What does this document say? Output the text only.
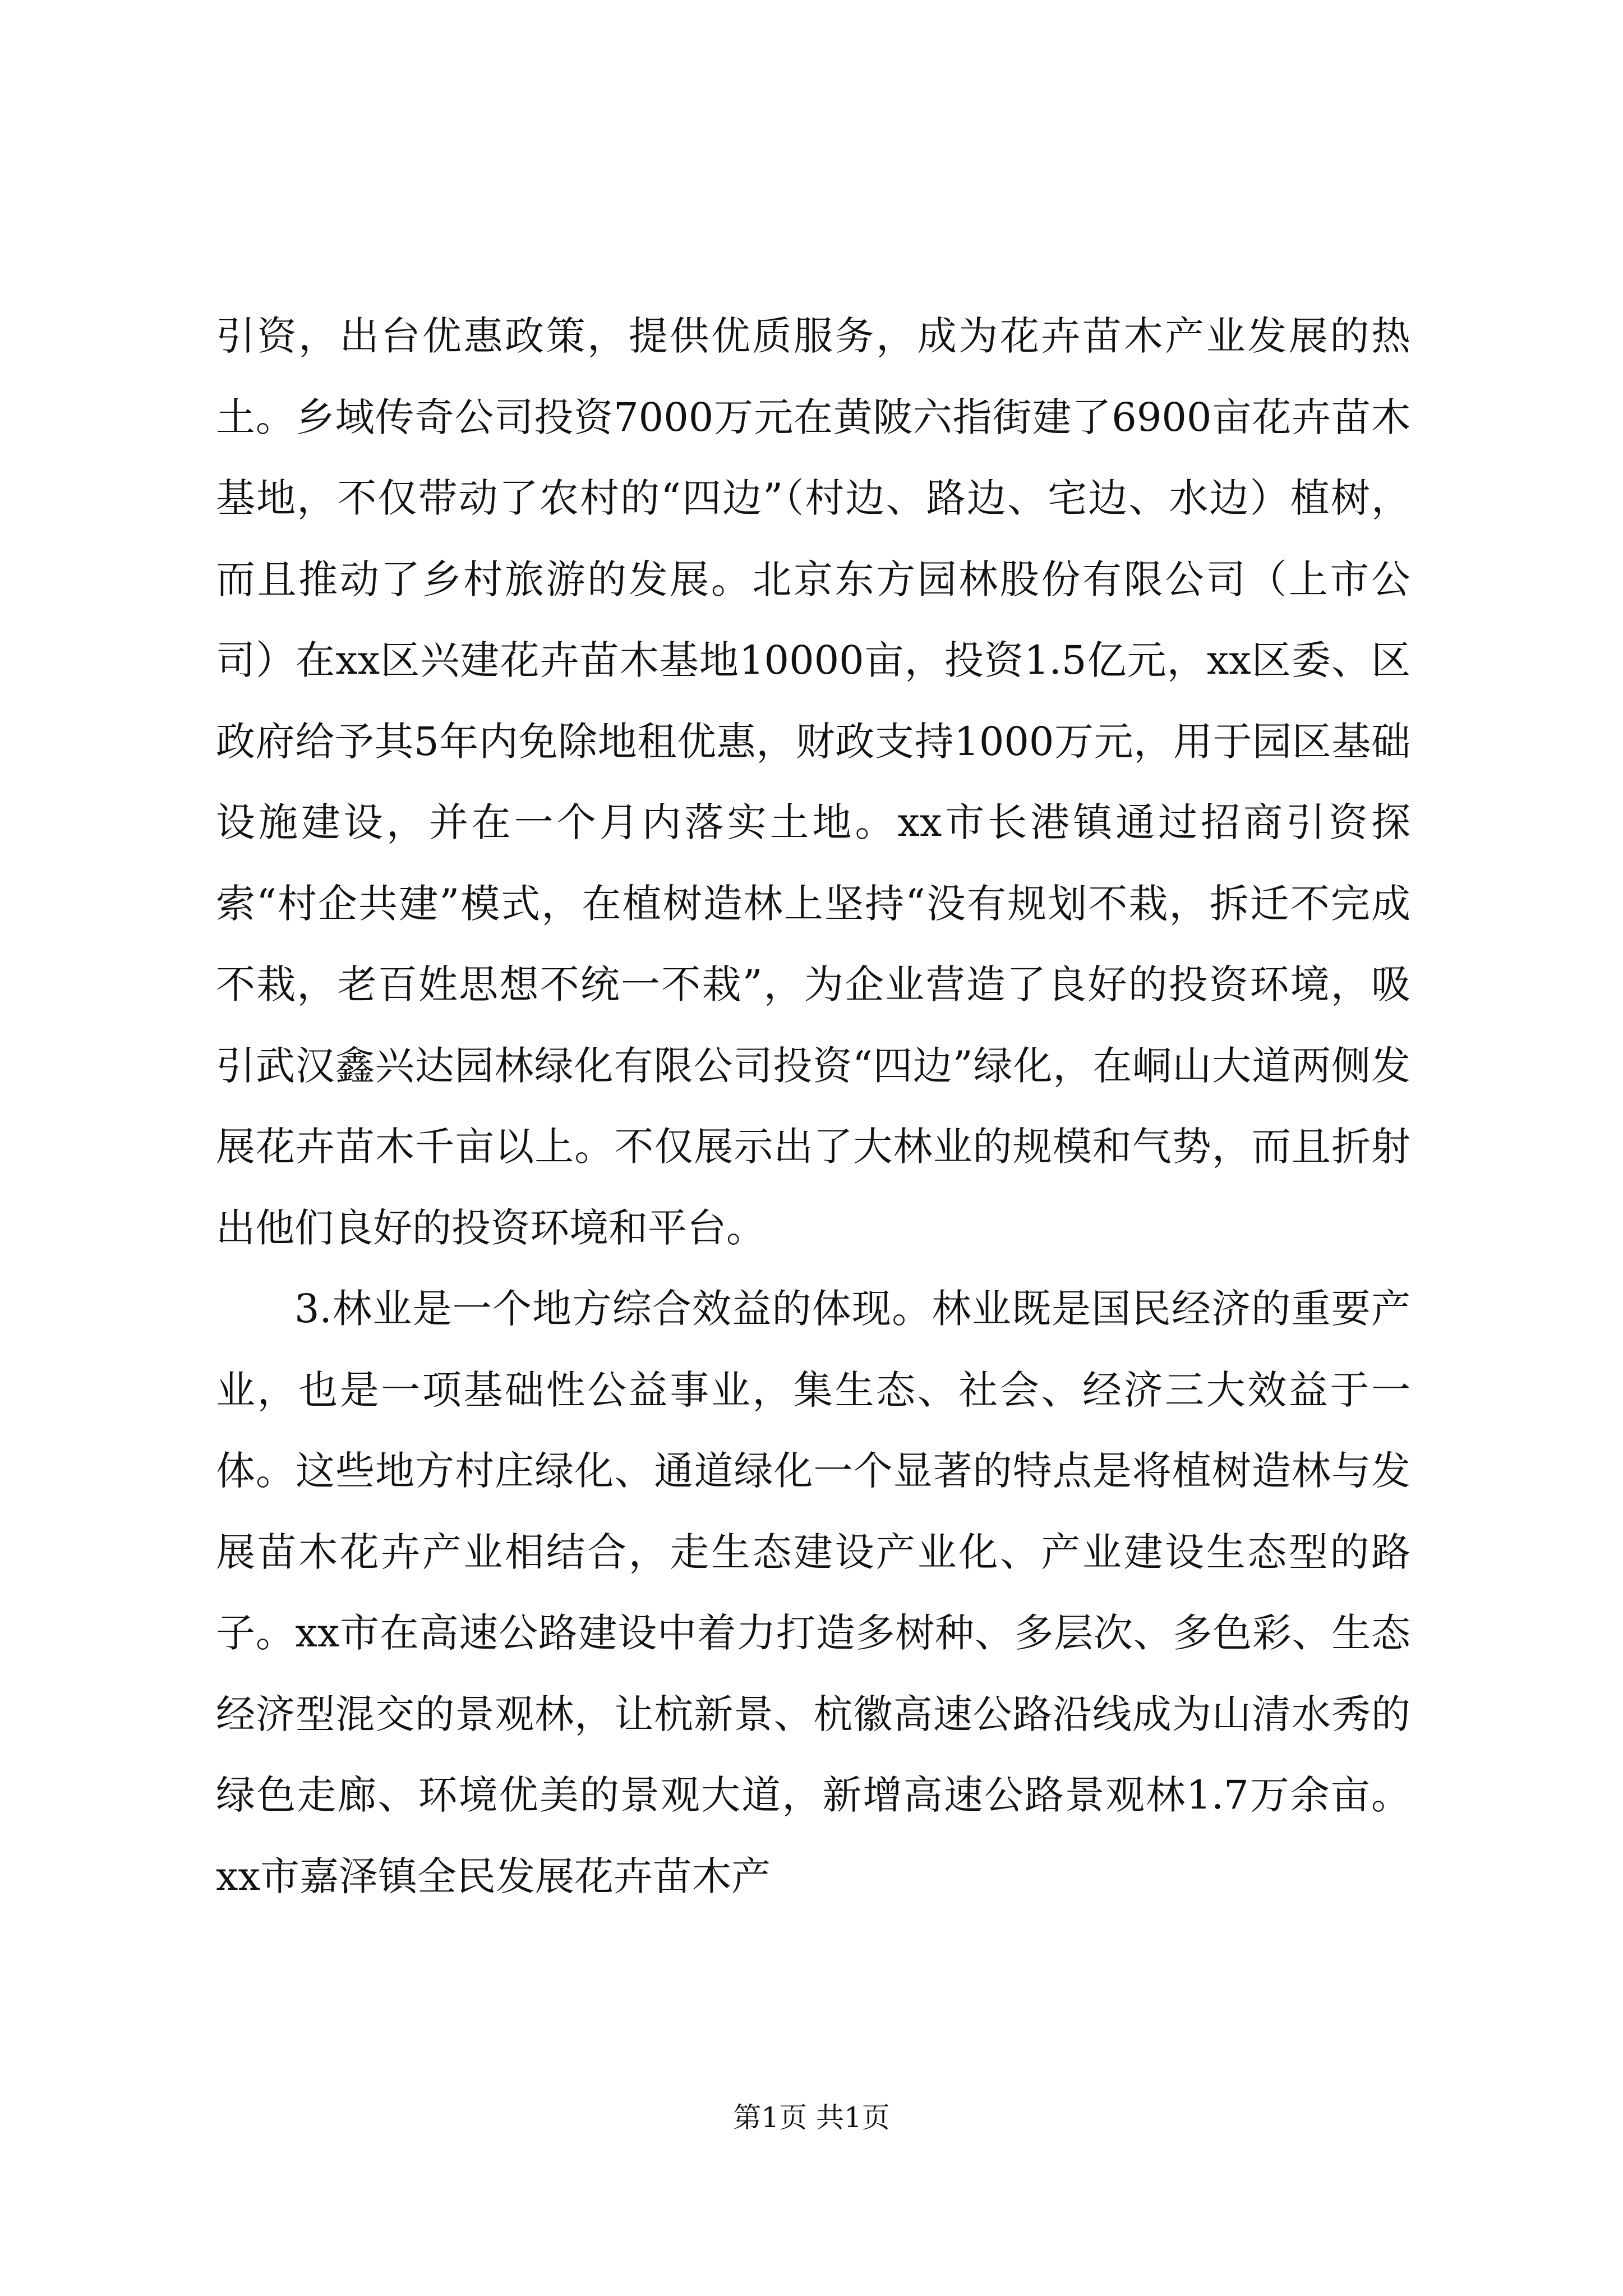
引资，出台优惠政策，提供优质服务，成为花卉苗木产业发展的热土。乡域传奇公司投资7000万元在黄陂六指街建了6900亩花卉苗木基地，不仅带动了农村的“四边”（村边、路边、宅边、水边）植树，而且推动了乡村旅游的发展。北京东方园林股份有限公司（上市公司）在xx区兴建花卉苗木基地10000亩，投资1.5亿元，xx区委、区政府给予其5年内免除地租优惠，财政支持1000万元，用于园区基础设施建设，并在一个月内落实土地。xx市长港镇通过招商引资探索“村企共建”模式，在植树造林上坚持“没有规划不栽，拆迁不完成不栽，老百姓思想不统一不栽”，为企业营造了良好的投资环境，吸引武汉鑫兴达园林绿化有限公司投资“四边”绿化，在峒山大道两侧发展花卉苗木千亩以上。不仅展示出了大林业的规模和气势，而且折射出他们良好的投资环境和平台。

3.林业是一个地方综合效益的体现。林业既是国民经济的重要产业，也是一项基础性公益事业，集生态、社会、经济三大效益于一体。这些地方村庄绿化、通道绿化一个显著的特点是将植树造林与发展苗木花卉产业相结合，走生态建设产业化、产业建设生态型的路子。xx市在高速公路建设中着力打造多树种、多层次、多色彩、生态经济型混交的景观林，让杭新景、杭徽高速公路沿线成为山清水秀的绿色走廊、环境优美的景观大道，新增高速公路景观林1.7万余亩。xx市嘉泽镇全民发展花卉苗木产

第1页 共1页
